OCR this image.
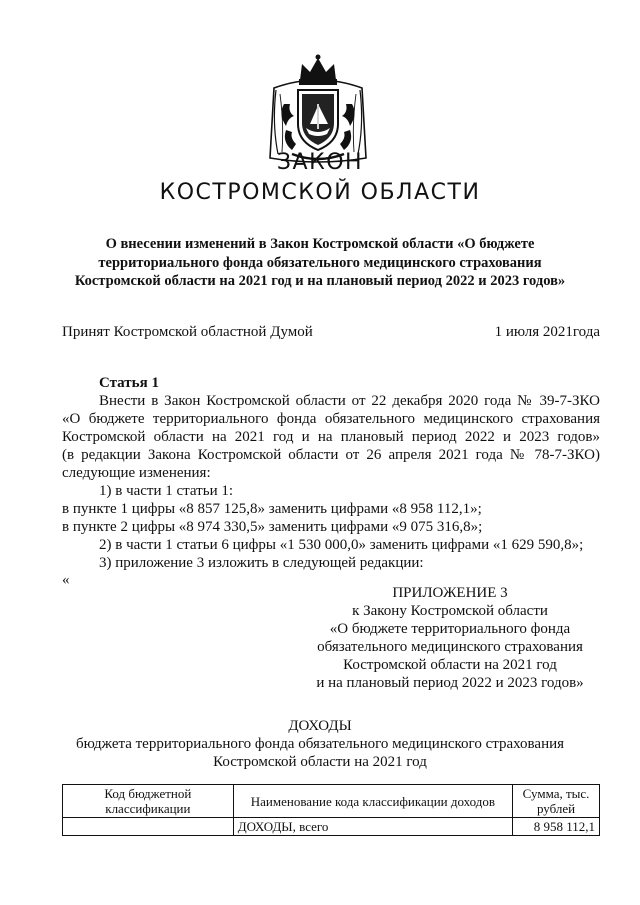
ЗАКОН
КОСТРОМСКОЙ ОБЛАСТИ
О внесении изменений в Закон Костромской области «О бюджете
территориального фонда обязательного медицинского страхования
Костромской области на 2021 год и на плановый период 2022 и 2023 годов»
Принят Костромской областной Думой	1 июля 2021года
Статья 1
Внести в Закон Костромской области от 22 декабря 2020 года № 39-7-ЗКО
«О бюджете территориального фонда обязательного медицинского страхования
Костромской области на 2021 год и на плановый период 2022 и 2023 годов»
(в редакции Закона Костромской области от 26 апреля 2021 года № 78-7-ЗКО)
следующие изменения:
1) в части 1 статьи 1:
в пункте 1 цифры «8 857 125,8» заменить цифрами «8 958 112,1»;
в пункте 2 цифры «8 974 330,5» заменить цифрами «9 075 316,8»;
2) в части 1 статьи 6 цифры «1 530 000,0» заменить цифрами «1 629 590,8»;
3) приложение 3 изложить в следующей редакции:
«
ПРИЛОЖЕНИЕ 3
к Закону Костромской области
«О бюджете территориального фонда
обязательного медицинского страхования
Костромской области на 2021 год
и на плановый период 2022 и 2023 годов»
ДОХОДЫ
бюджета территориального фонда обязательного медицинского страхования
Костромской области на 2021 год
Код бюджетной классификации	Наименование кода классификации доходов	Сумма, тыс. рублей
	ДОХОДЫ, всего	8 958 112,1
